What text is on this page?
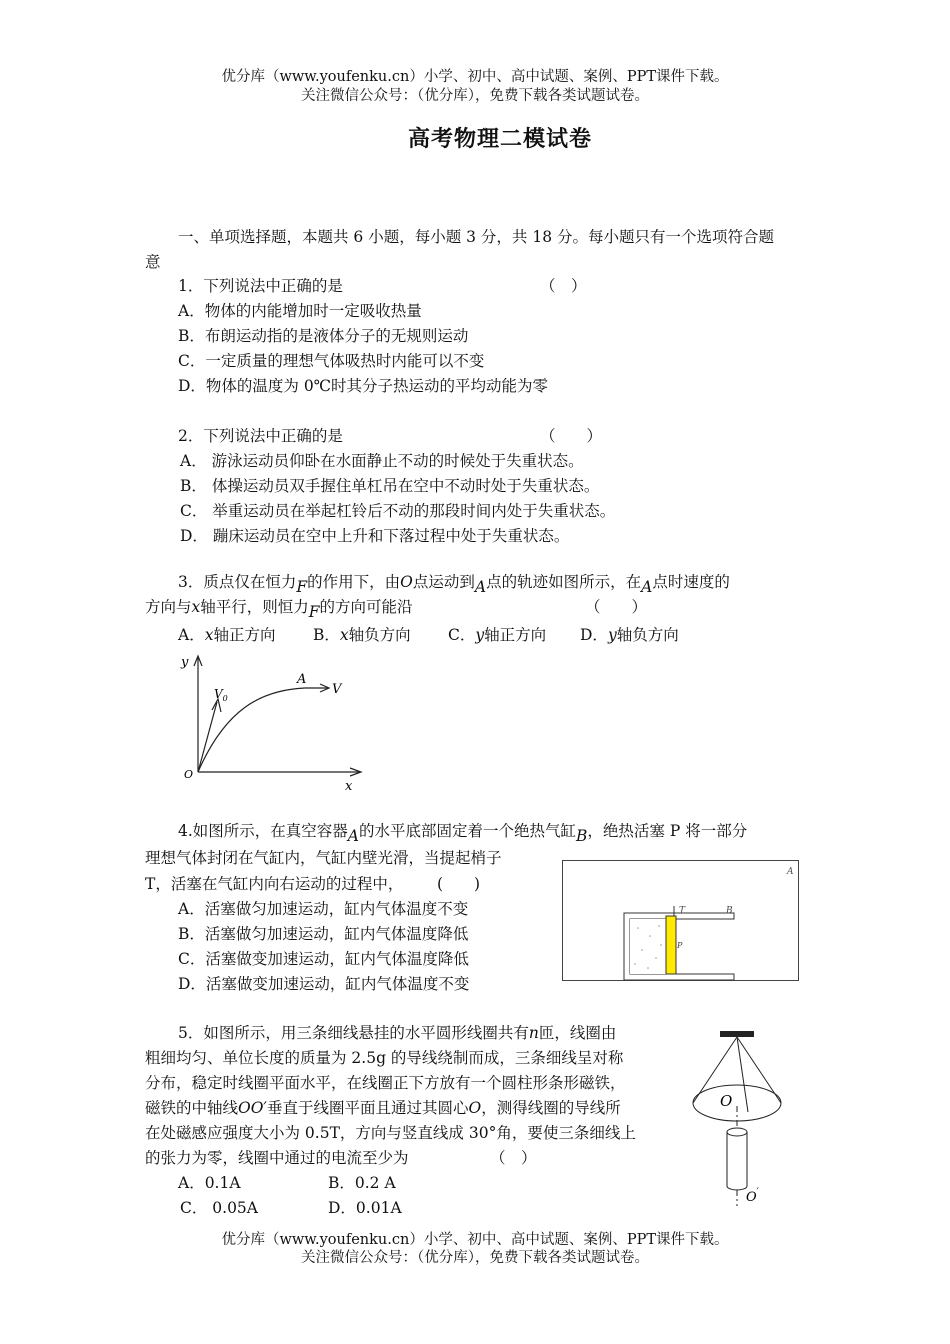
优分库（www.youfenku.cn）小学、初中、高中试题、案例、PPT课件下载。
关注微信公众号：（优分库），免费下载各类试题试卷。
高考物理二模试卷
一、单项选择题，本题共 6 小题，每小题 3 分，共 18 分。每小题只有一个选项符合题
意
1．下列说法中正确的是	（　）
A．物体的内能增加时一定吸收热量
B．布朗运动指的是液体分子的无规则运动
C．一定质量的理想气体吸热时内能可以不变
D．物体的温度为 0℃时其分子热运动的平均动能为零
2．下列说法中正确的是	（　　）
A． 游泳运动员仰卧在水面静止不动的时候处于失重状态。
B． 体操运动员双手握住单杠吊在空中不动时处于失重状态。
C． 举重运动员在举起杠铃后不动的那段时间内处于失重状态。
D． 蹦床运动员在空中上升和下落过程中处于失重状态。
3．质点仅在恒力F的作用下，由O点运动到A点的轨迹如图所示，在A点时速度的
方向与x轴平行，则恒力F的方向可能沿	（　　）
A．x轴正方向 B．x轴负方向 C．y轴正方向 D．y轴负方向
y
O
x
A
V
$V_0$
4.如图所示，在真空容器A的水平底部固定着一个绝热气缸B，绝热活塞 P 将一部分
理想气体封闭在气缸内，气缸内壁光滑，当提起梢子
T，活塞在气缸内向右运动的过程中， (　　)
A．活塞做匀加速运动，缸内气体温度不变
B．活塞做匀加速运动，缸内气体温度降低
C．活塞做变加速运动，缸内气体温度降低
D．活塞做变加速运动，缸内气体温度不变
A
T	B
P
5．如图所示，用三条细线悬挂的水平圆形线圈共有n匝，线圈由
粗细均匀、单位长度的质量为 2.5g 的导线绕制而成，三条细线呈对称
分布，稳定时线圈平面水平，在线圈正下方放有一个圆柱形条形磁铁，
磁铁的中轴线OO′垂直于线圈平面且通过其圆心O，测得线圈的导线所
在处磁感应强度大小为 0.5T，方向与竖直线成 30°角，要使三条细线上
的张力为零，线圈中通过的电流至少为	（　）
A．0.1A	B．0.2 A
C． 0.05A	D．0.01A
O
O′
优分库（www.youfenku.cn）小学、初中、高中试题、案例、PPT课件下载。
关注微信公众号：（优分库），免费下载各类试题试卷。
